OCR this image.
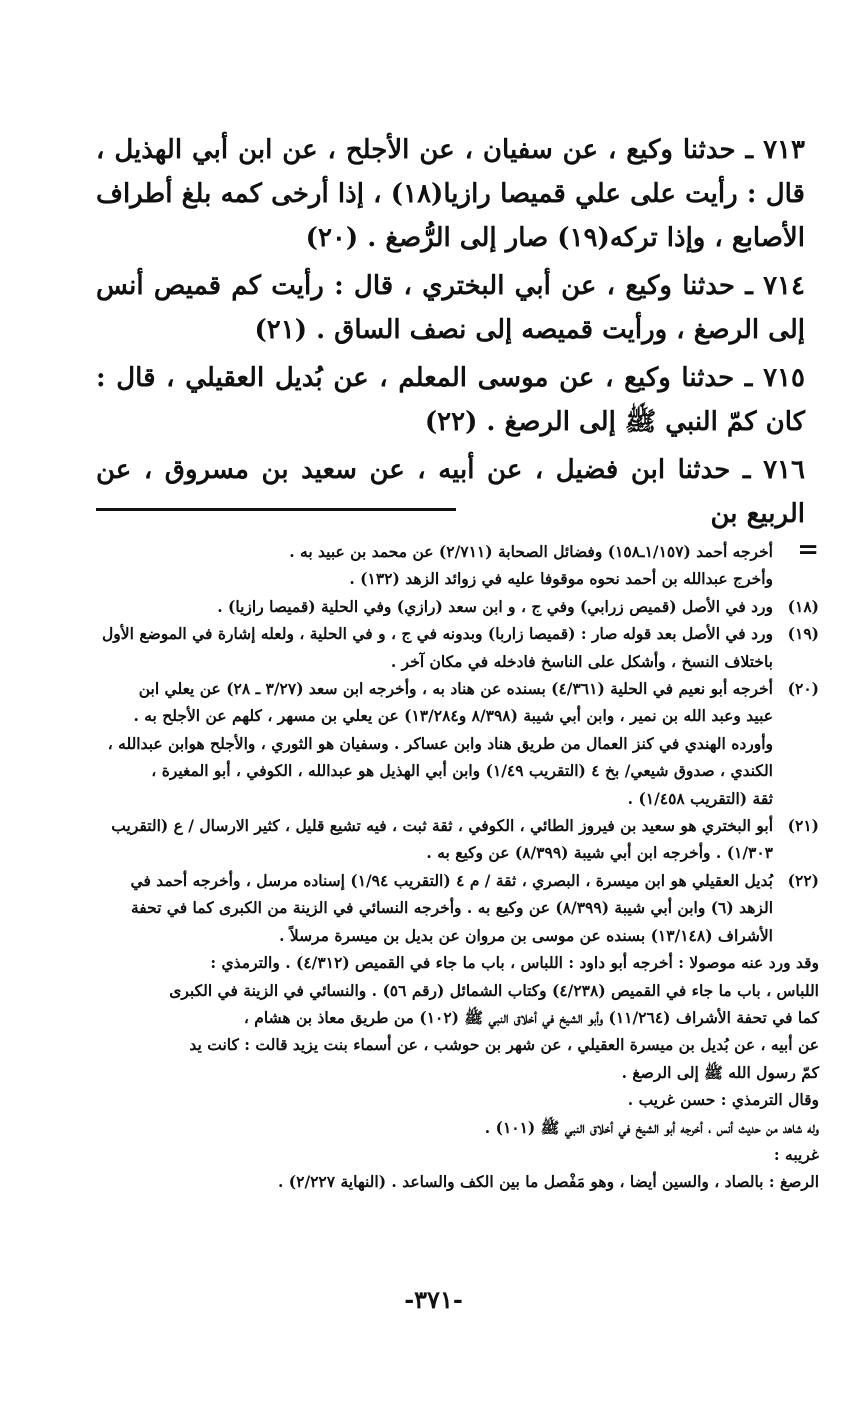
٧١٣ ـ حدثنا وكيع ، عن سفيان ، عن الأجلح ، عن ابن أبي الهذيل ، قال : رأيت على علي قميصا رازيا(١٨) ، إذا أرخى كمه بلغ أطراف الأصابع ، وإذا تركه(١٩) صار إلى الرُّصغ . (٢٠)

٧١٤ ـ حدثنا وكيع ، عن أبي البختري ، قال : رأيت كم قميص أنس إلى الرصغ ، ورأيت قميصه إلى نصف الساق . (٢١)

٧١٥ ـ حدثنا وكيع ، عن موسى المعلم ، عن بُديل العقيلي ، قال : كان كمّ النبي ﷺ إلى الرصغ . (٢٢)

٧١٦ ـ حدثنا ابن فضيل ، عن أبيه ، عن سعيد بن مسروق ، عن الربيع بن

=
أخرجه أحمد (١/١٥٧ـ١٥٨) وفضائل الصحابة (٢/٧١١) عن محمد بن عبيد به .
وأخرج عبدالله بن أحمد نحوه موقوفا عليه في زوائد الزهد (١٣٢) .
(١٨)
ورد في الأصل (قميص زرابي) وفي ج ، و ابن سعد (رازي) وفي الحلية (قميصا رازيا) .
(١٩)
ورد في الأصل بعد قوله صار : (قميصا زاربا) وبدونه في ج ، و في الحلية ، ولعله إشارة في الموضع الأول
باختلاف النسخ ، وأشكل على الناسخ فادخله في مكان آخر .
(٢٠)
أخرجه أبو نعيم في الحلية (٤/٣٦١) بسنده عن هناد به ، وأخرجه ابن سعد (٣/٢٧ ـ ٢٨) عن يعلي ابن
عبيد وعبد الله بن نمير ، وابن أبي شيبة (٨/٣٩٨ و١٣/٢٨٤) عن يعلي بن مسهر ، كلهم عن الأجلح به .
وأورده الهندي في كنز العمال من طريق هناد وابن عساكر . وسفيان هو الثوري ، والأجلح هوابن عبدالله ،
الكندي ، صدوق شيعي/ بخ ٤ (التقريب ١/٤٩) وابن أبي الهذيل هو عبدالله ، الكوفي ، أبو المغيرة ،
ثقة (التقريب ١/٤٥٨) .
(٢١)
أبو البختري هو سعيد بن فيروز الطائي ، الكوفي ، ثقة ثبت ، فيه تشيع قليل ، كثير الارسال / ع (التقريب
١/٣٠٣) . وأخرجه ابن أبي شيبة (٨/٣٩٩) عن وكيع به .
(٢٢)
بُديل العقيلي هو ابن ميسرة ، البصري ، ثقة / م ٤ (التقريب ١/٩٤) إسناده مرسل ، وأخرجه أحمد في
الزهد (٦) وابن أبي شيبة (٨/٣٩٩) عن وكيع به . وأخرجه النسائي في الزينة من الكبرى كما في تحفة
الأشراف (١٣/١٤٨) بسنده عن موسى بن مروان عن بديل بن ميسرة مرسلاً .
وقد ورد عنه موصولا : أخرجه أبو داود : اللباس ، باب ما جاء في القميص (٤/٣١٢) . والترمذي :
اللباس ، باب ما جاء في القميص (٤/٢٣٨) وكتاب الشمائل (رقم ٥٦) . والنسائي في الزينة في الكبرى
كما في تحفة الأشراف (١١/٢٦٤) وأبو الشيخ في أخلاق النبي ﷺ (١٠٢) من طريق معاذ بن هشام ،
عن أبيه ، عن بُديل بن ميسرة العقيلي ، عن شهر بن حوشب ، عن أسماء بنت يزيد قالت : كانت يد
كمّ رسول الله ﷺ إلى الرصغ .
وقال الترمذي : حسن غريب .
وله شاهد من حديث أنس ، أخرجه أبو الشيخ في أخلاق النبي ﷺ (١٠١) .
غريبه :
الرصغ : بالصاد ، والسين أيضا ، وهو مَفْصل ما بين الكف والساعد . (النهاية ٢/٢٢٧) .
-٣٧١-
